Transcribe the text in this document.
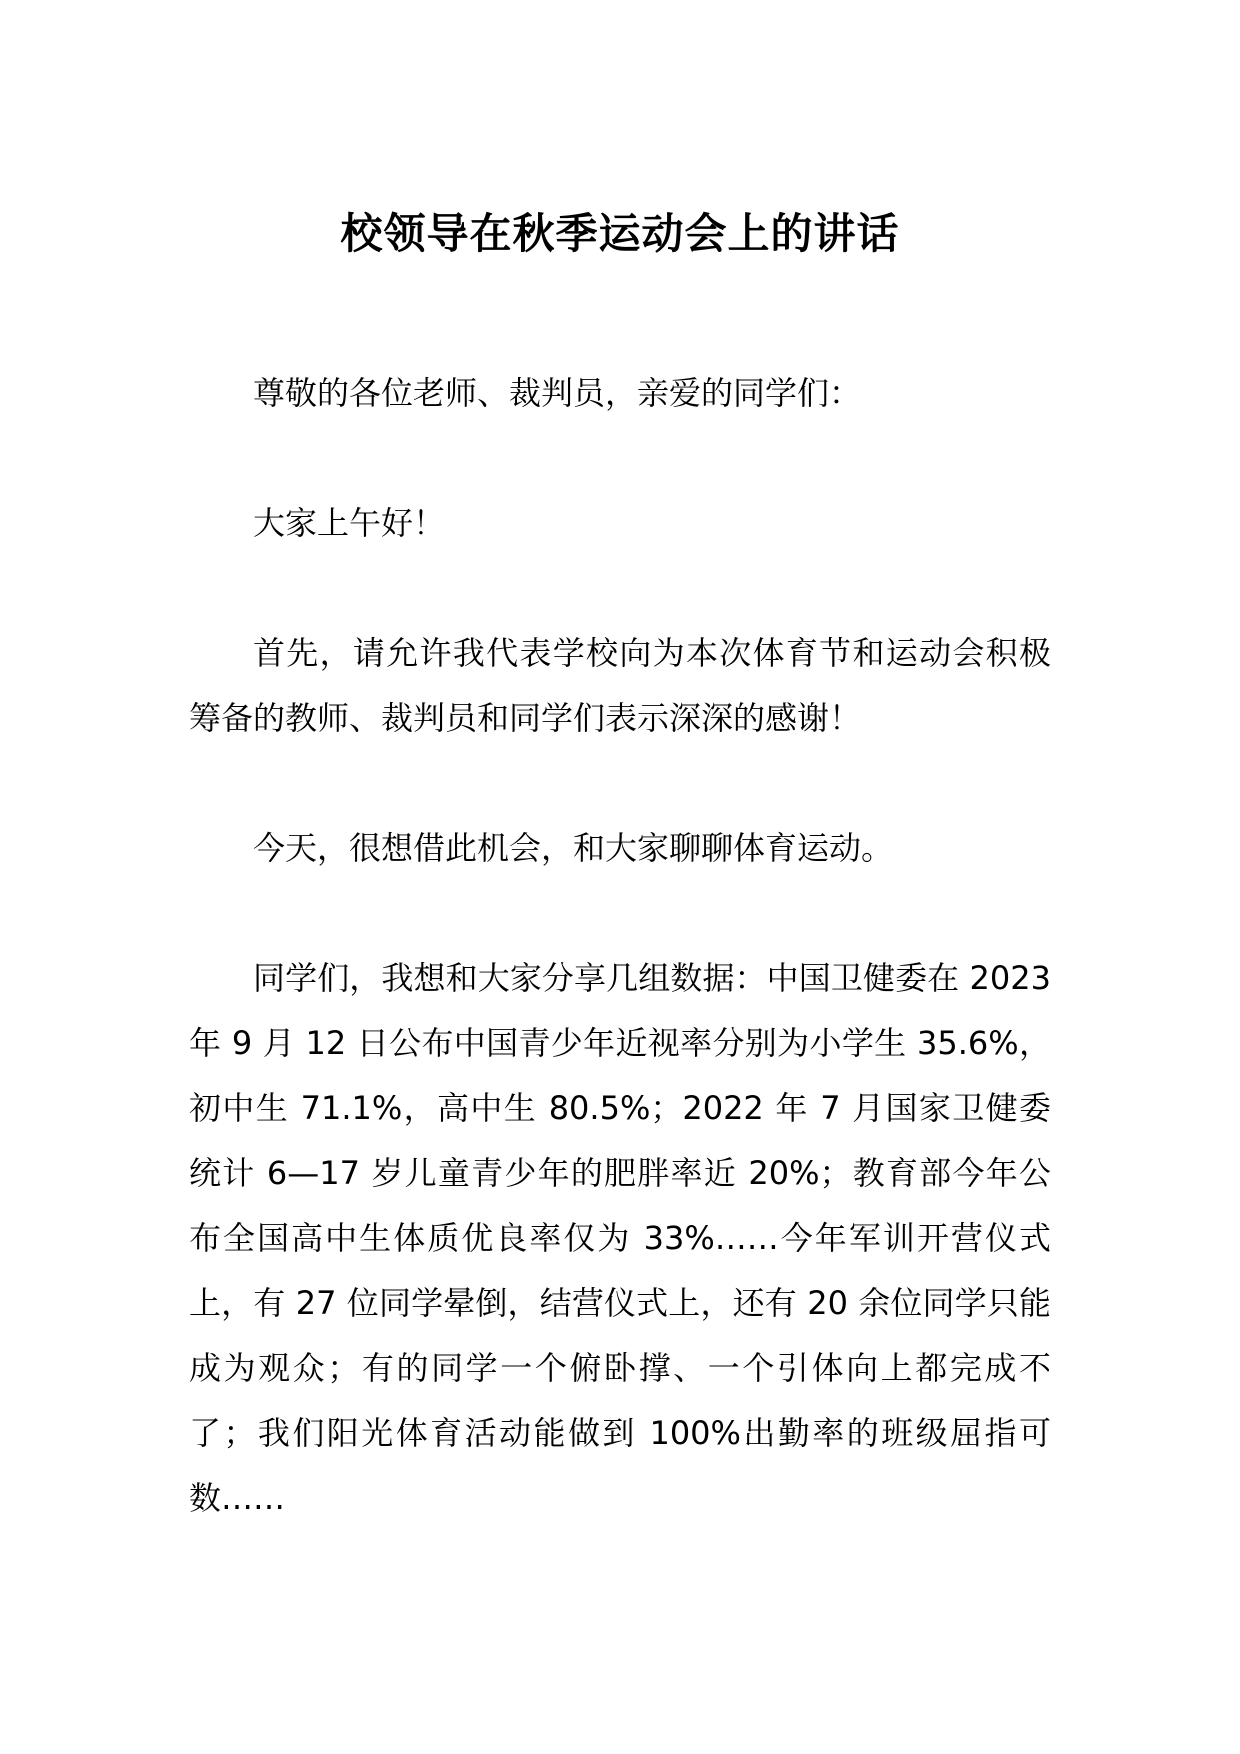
校领导在秋季运动会上的讲话

尊敬的各位老师、裁判员，亲爱的同学们：

大家上午好！

首先，请允许我代表学校向为本次体育节和运动会积极筹备的教师、裁判员和同学们表示深深的感谢！

今天，很想借此机会，和大家聊聊体育运动。

同学们，我想和大家分享几组数据：中国卫健委在 2023 年 9 月 12 日公布中国青少年近视率分别为小学生 35.6%，初中生 71.1%，高中生 80.5%；2022 年 7 月国家卫健委统计 6—17 岁儿童青少年的肥胖率近 20%；教育部今年公布全国高中生体质优良率仅为 33%……今年军训开营仪式上，有 27 位同学晕倒，结营仪式上，还有 20 余位同学只能成为观众；有的同学一个俯卧撑、一个引体向上都完成不了；我们阳光体育活动能做到 100%出勤率的班级屈指可数……
